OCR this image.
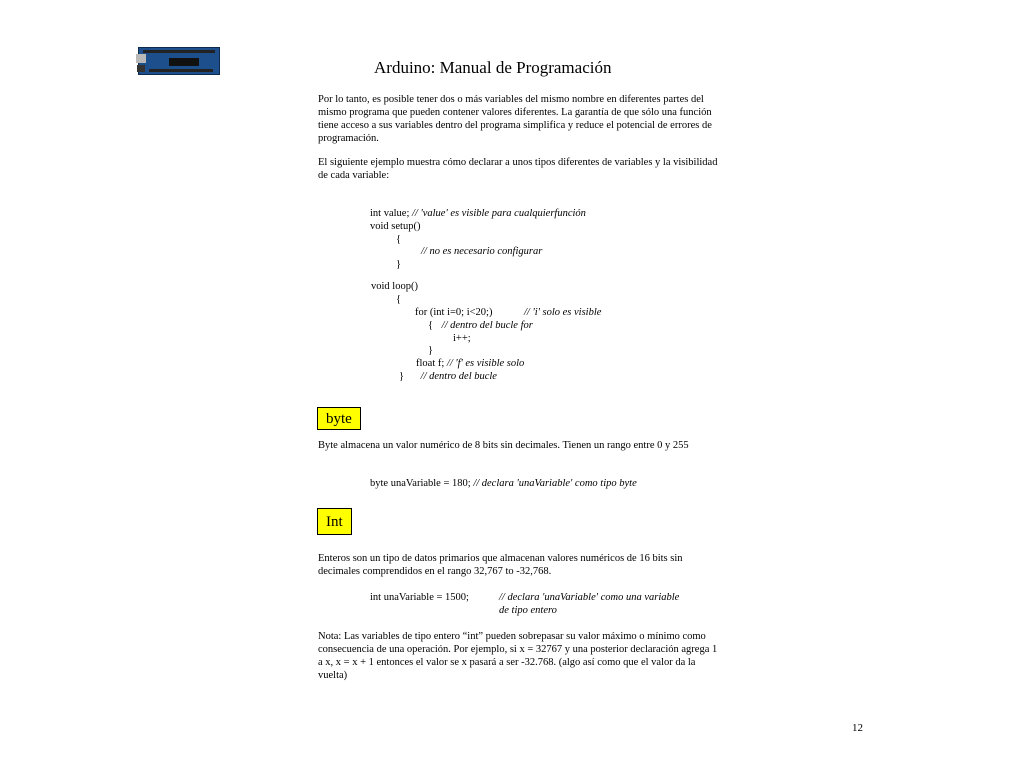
Arduino: Manual de Programación
Por lo tanto, es posible tener dos o más variables del mismo nombre en diferentes partes del mismo programa que pueden contener valores diferentes. La garantía de que sólo una función tiene acceso a sus variables dentro del programa simplifica y reduce el potencial de errores de programación.
El siguiente ejemplo muestra cómo declarar a unos tipos diferentes de variables y la visibilidad de cada variable:
int value; // 'value' es visible para cualquierfunción
void setup()
{
// no es necesario configurar
}
void loop()
{
for (int i=0; i<20;)	// 'i' solo es visible
{ // dentro del bucle for
i++;
}
float f; // 'f' es visible solo
} // dentro del bucle
byte
Byte almacena un valor numérico de 8 bits sin decimales. Tienen un rango entre 0 y 255
byte unaVariable = 180; // declara 'unaVariable' como tipo byte
Int
Enteros son un tipo de datos primarios que almacenan valores numéricos de 16 bits sin decimales comprendidos en el rango 32,767 to -32,768.
int unaVariable = 1500;	// declara 'unaVariable' como una variable
de tipo entero
Nota: Las variables de tipo entero “int” pueden sobrepasar su valor máximo o mínimo como consecuencia de una operación. Por ejemplo, si x = 32767 y una posterior declaración agrega 1 a x, x = x + 1 entonces el valor se x pasará a ser -32.768. (algo así como que el valor da la vuelta)
12
